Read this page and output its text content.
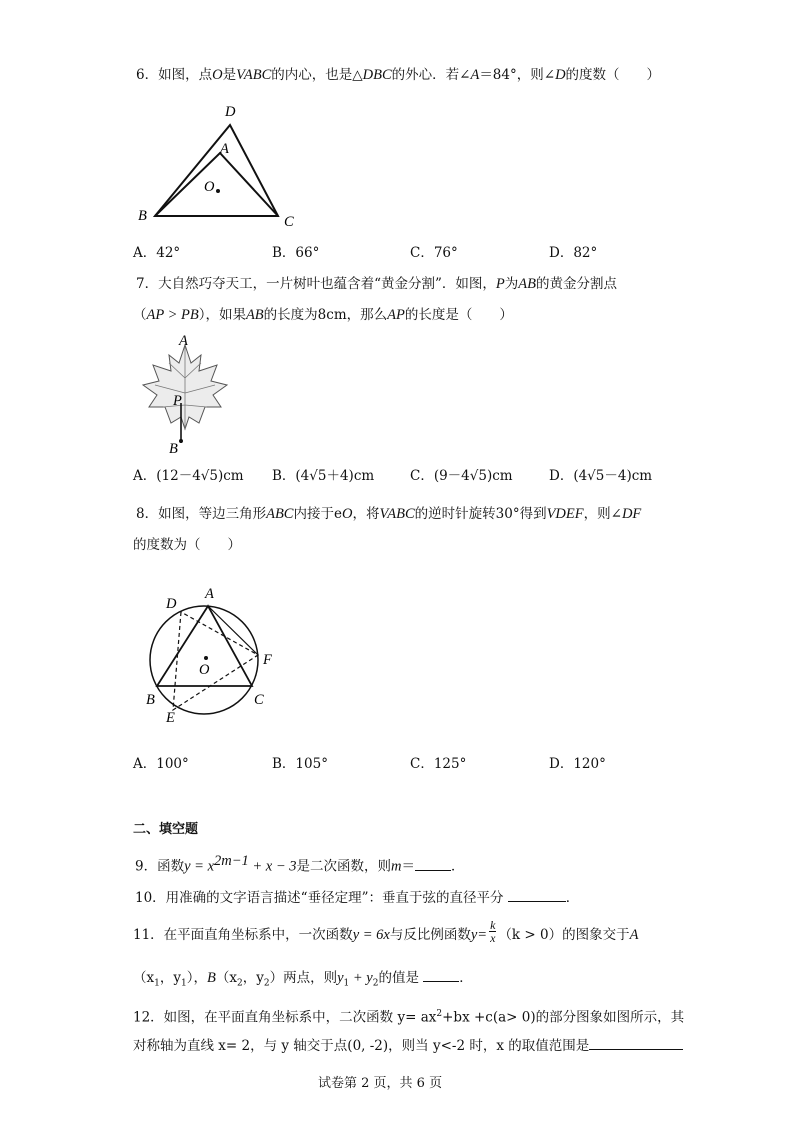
6．如图，点O是VABC的内心，也是△DBC的外心．若∠A＝84°，则∠D的度数（　　）
D
A
O
B	C
A．42°	B．66°	C．76°	D．82°
7．大自然巧夺天工，一片树叶也蕴含着“黄金分割”．如图，P为AB的黄金分割点
（AP > PB），如果AB的长度为8cm，那么AP的长度是（　　）
A
P
B
A．(12－4√5)cm B．(4√5＋4)cm	C．(9－4√5)cm	D．(4√5－4)cm
8．如图，等边三角形ABC内接于eO，将VABC的逆时针旋转30°得到VDEF，则∠DF
的度数为（　　）
D
A
F
O
B	C
E
A．100°	B．105°	C．125°	D．120°
二、填空题
9．函数$y = x^{2m-1} + x - 3$是二次函数，则m＝	．
10．用准确的文字语言描述“垂径定理”：垂直于弦的直径平分	．
11．在平面直角坐标系中，一次函数y = 6x与反比例函数$y= \frac{k}{x} (k > 0)$的图象交于A
（$x_1$，$y_1$），$B(x_2$，$y_2$）两点，则$y_1 + y_2$的值是	．
12．如图，在平面直角坐标系中，二次函数 $y= ax^2+bx +c(a> 0)$的部分图象如图所示，其
对称轴为直线 x= 2，与 y 轴交于点(0, -2)，则当 y<-2 时，x 的取值范围是
试卷第 2 页，共 6 页
